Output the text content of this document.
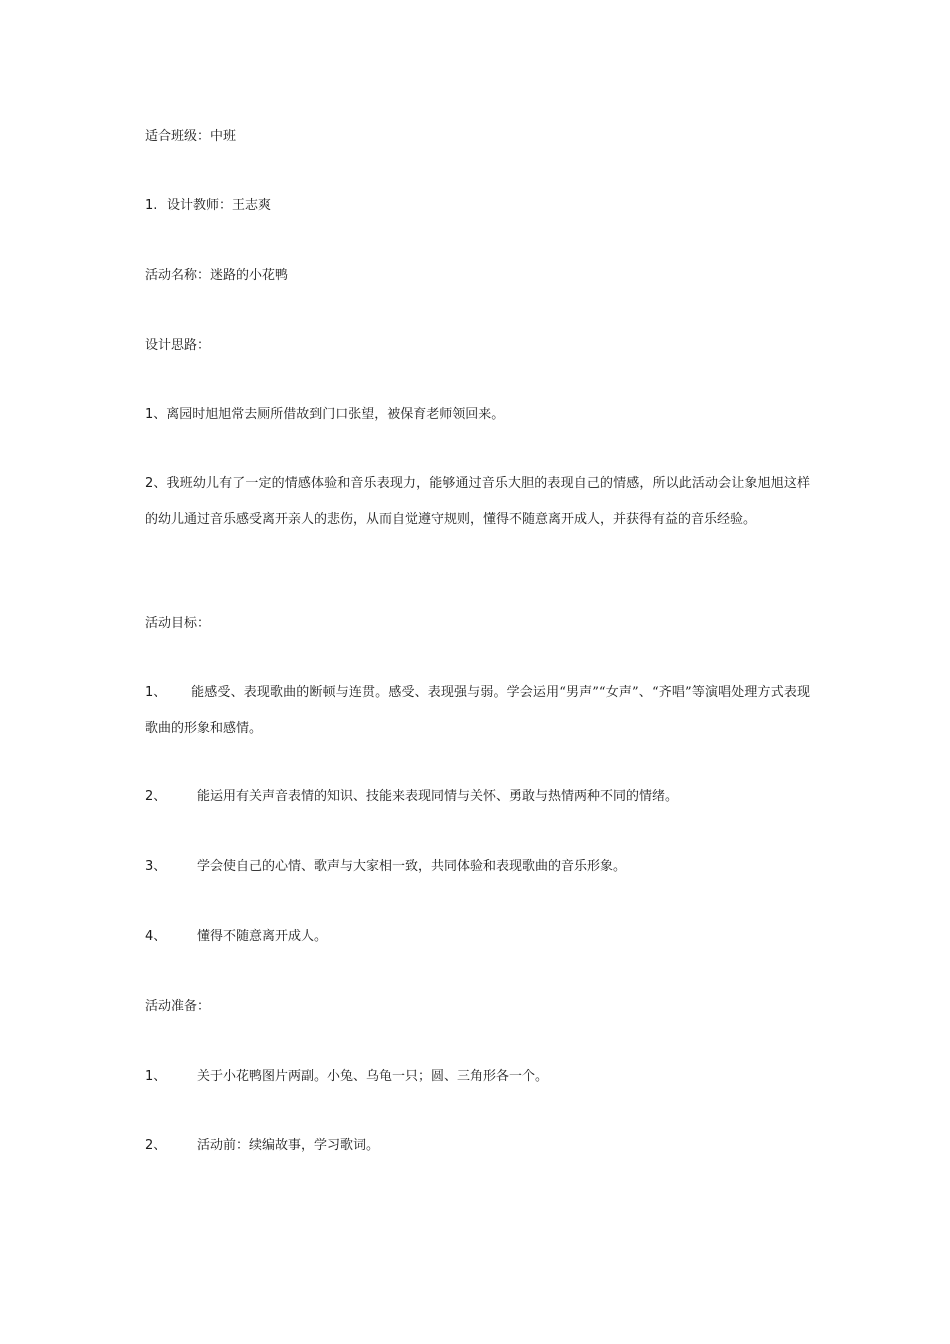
适合班级：中班
1. 设计教师：王志爽
活动名称：迷路的小花鸭
设计思路：
1、离园时旭旭常去厕所借故到门口张望，被保育老师领回来。
2、我班幼儿有了一定的情感体验和音乐表现力，能够通过音乐大胆的表现自己的情感，所以此活动会让象旭旭这样的幼儿通过音乐感受离开亲人的悲伤，从而自觉遵守规则，懂得不随意离开成人，并获得有益的音乐经验。
活动目标：
1、 能感受、表现歌曲的断顿与连贯。感受、表现强与弱。学会运用“男声”“女声”、“齐唱”等演唱处理方式表现歌曲的形象和感情。
2、 能运用有关声音表情的知识、技能来表现同情与关怀、勇敢与热情两种不同的情绪。
3、 学会使自己的心情、歌声与大家相一致，共同体验和表现歌曲的音乐形象。
4、 懂得不随意离开成人。
活动准备：
1、 关于小花鸭图片两副。小兔、乌龟一只；圆、三角形各一个。
2、 活动前：续编故事，学习歌词。
